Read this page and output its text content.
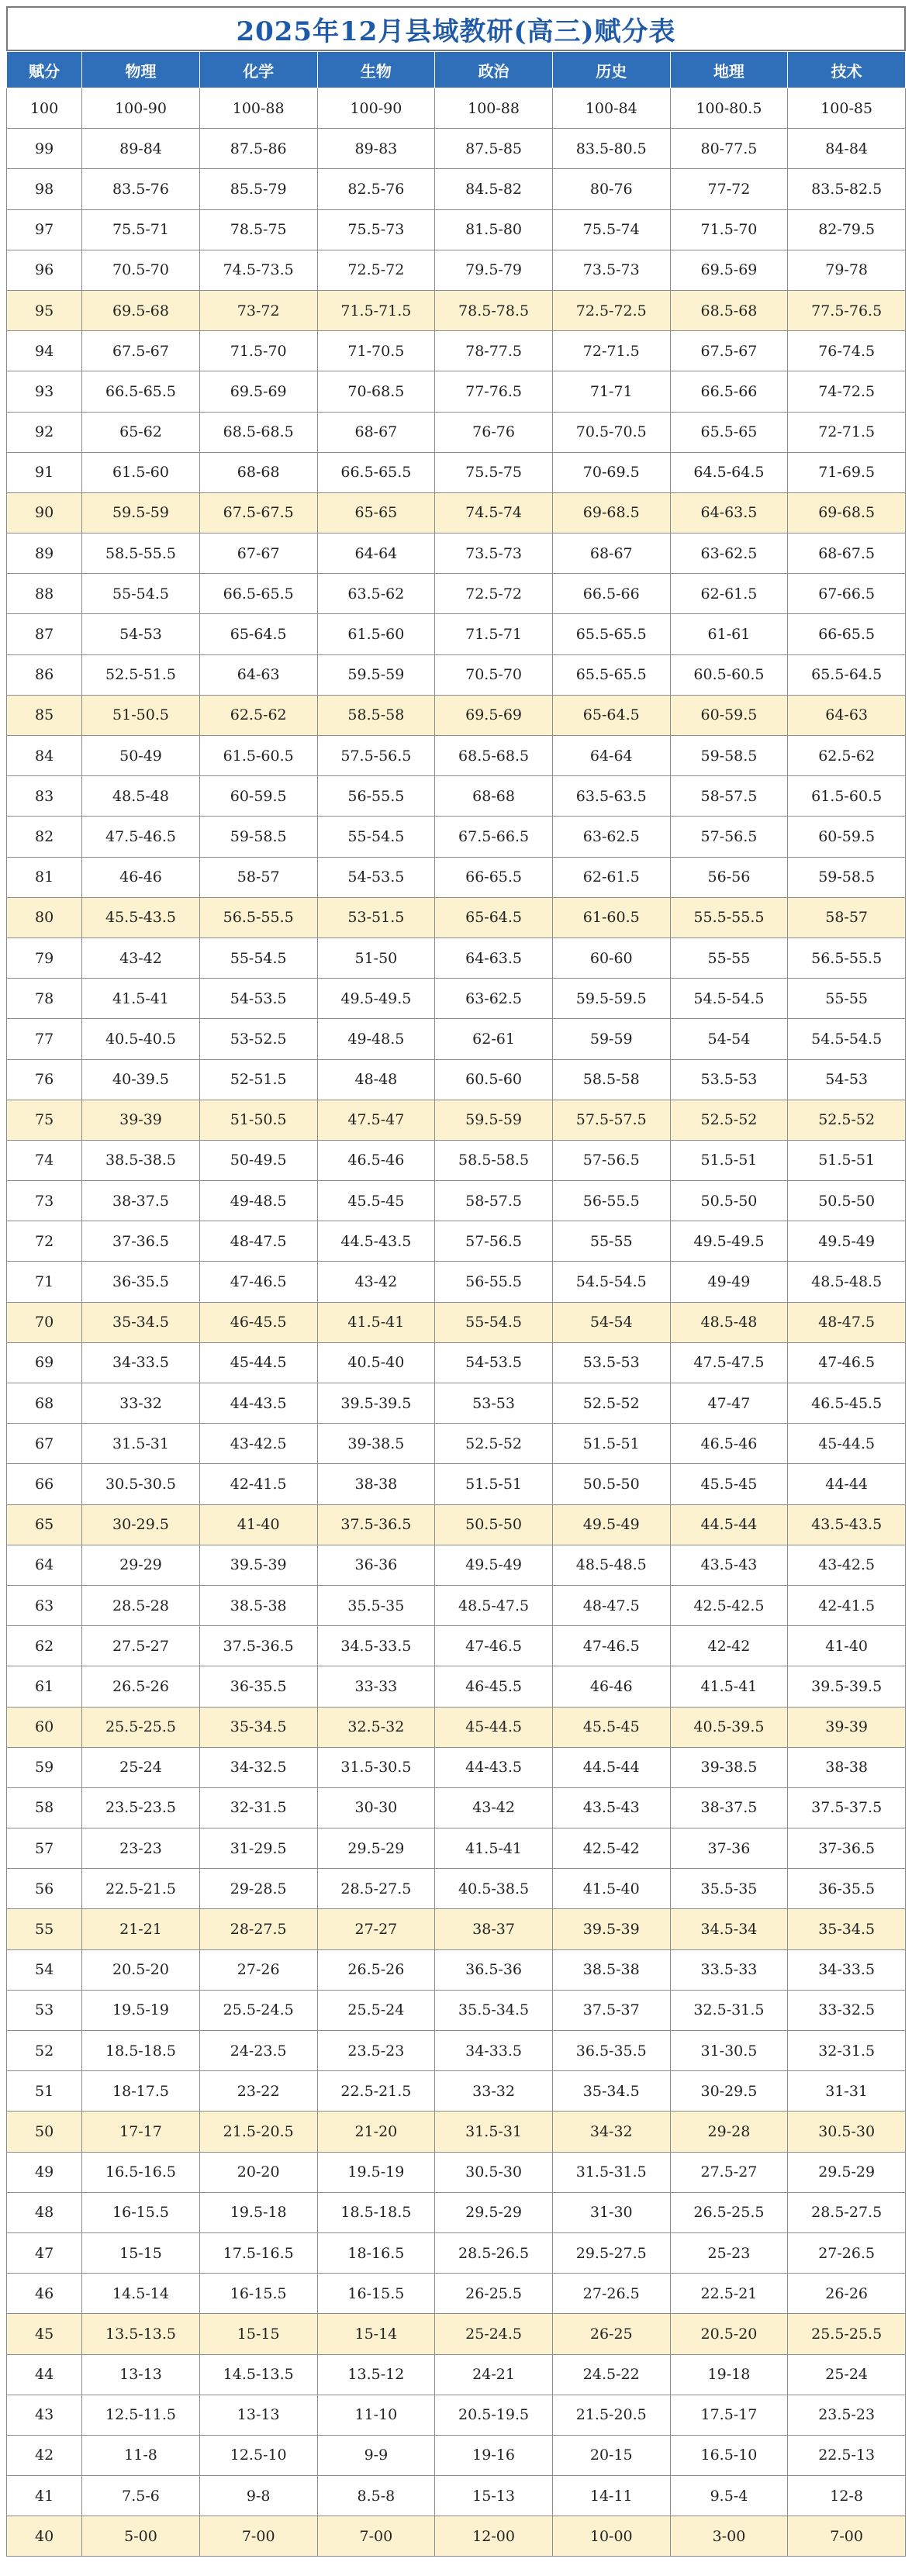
2025年12月县域教研(高三)赋分表
赋分	物理	化学	生物	政治	历史	地理	技术
100	100-90	100-88	100-90	100-88	100-84	100-80.5	100-85
99	89-84	87.5-86	89-83	87.5-85	83.5-80.5	80-77.5	84-84
98	83.5-76	85.5-79	82.5-76	84.5-82	80-76	77-72	83.5-82.5
97	75.5-71	78.5-75	75.5-73	81.5-80	75.5-74	71.5-70	82-79.5
96	70.5-70	74.5-73.5	72.5-72	79.5-79	73.5-73	69.5-69	79-78
95	69.5-68	73-72	71.5-71.5	78.5-78.5	72.5-72.5	68.5-68	77.5-76.5
94	67.5-67	71.5-70	71-70.5	78-77.5	72-71.5	67.5-67	76-74.5
93	66.5-65.5	69.5-69	70-68.5	77-76.5	71-71	66.5-66	74-72.5
92	65-62	68.5-68.5	68-67	76-76	70.5-70.5	65.5-65	72-71.5
91	61.5-60	68-68	66.5-65.5	75.5-75	70-69.5	64.5-64.5	71-69.5
90	59.5-59	67.5-67.5	65-65	74.5-74	69-68.5	64-63.5	69-68.5
89	58.5-55.5	67-67	64-64	73.5-73	68-67	63-62.5	68-67.5
88	55-54.5	66.5-65.5	63.5-62	72.5-72	66.5-66	62-61.5	67-66.5
87	54-53	65-64.5	61.5-60	71.5-71	65.5-65.5	61-61	66-65.5
86	52.5-51.5	64-63	59.5-59	70.5-70	65.5-65.5	60.5-60.5	65.5-64.5
85	51-50.5	62.5-62	58.5-58	69.5-69	65-64.5	60-59.5	64-63
84	50-49	61.5-60.5	57.5-56.5	68.5-68.5	64-64	59-58.5	62.5-62
83	48.5-48	60-59.5	56-55.5	68-68	63.5-63.5	58-57.5	61.5-60.5
82	47.5-46.5	59-58.5	55-54.5	67.5-66.5	63-62.5	57-56.5	60-59.5
81	46-46	58-57	54-53.5	66-65.5	62-61.5	56-56	59-58.5
80	45.5-43.5	56.5-55.5	53-51.5	65-64.5	61-60.5	55.5-55.5	58-57
79	43-42	55-54.5	51-50	64-63.5	60-60	55-55	56.5-55.5
78	41.5-41	54-53.5	49.5-49.5	63-62.5	59.5-59.5	54.5-54.5	55-55
77	40.5-40.5	53-52.5	49-48.5	62-61	59-59	54-54	54.5-54.5
76	40-39.5	52-51.5	48-48	60.5-60	58.5-58	53.5-53	54-53
75	39-39	51-50.5	47.5-47	59.5-59	57.5-57.5	52.5-52	52.5-52
74	38.5-38.5	50-49.5	46.5-46	58.5-58.5	57-56.5	51.5-51	51.5-51
73	38-37.5	49-48.5	45.5-45	58-57.5	56-55.5	50.5-50	50.5-50
72	37-36.5	48-47.5	44.5-43.5	57-56.5	55-55	49.5-49.5	49.5-49
71	36-35.5	47-46.5	43-42	56-55.5	54.5-54.5	49-49	48.5-48.5
70	35-34.5	46-45.5	41.5-41	55-54.5	54-54	48.5-48	48-47.5
69	34-33.5	45-44.5	40.5-40	54-53.5	53.5-53	47.5-47.5	47-46.5
68	33-32	44-43.5	39.5-39.5	53-53	52.5-52	47-47	46.5-45.5
67	31.5-31	43-42.5	39-38.5	52.5-52	51.5-51	46.5-46	45-44.5
66	30.5-30.5	42-41.5	38-38	51.5-51	50.5-50	45.5-45	44-44
65	30-29.5	41-40	37.5-36.5	50.5-50	49.5-49	44.5-44	43.5-43.5
64	29-29	39.5-39	36-36	49.5-49	48.5-48.5	43.5-43	43-42.5
63	28.5-28	38.5-38	35.5-35	48.5-47.5	48-47.5	42.5-42.5	42-41.5
62	27.5-27	37.5-36.5	34.5-33.5	47-46.5	47-46.5	42-42	41-40
61	26.5-26	36-35.5	33-33	46-45.5	46-46	41.5-41	39.5-39.5
60	25.5-25.5	35-34.5	32.5-32	45-44.5	45.5-45	40.5-39.5	39-39
59	25-24	34-32.5	31.5-30.5	44-43.5	44.5-44	39-38.5	38-38
58	23.5-23.5	32-31.5	30-30	43-42	43.5-43	38-37.5	37.5-37.5
57	23-23	31-29.5	29.5-29	41.5-41	42.5-42	37-36	37-36.5
56	22.5-21.5	29-28.5	28.5-27.5	40.5-38.5	41.5-40	35.5-35	36-35.5
55	21-21	28-27.5	27-27	38-37	39.5-39	34.5-34	35-34.5
54	20.5-20	27-26	26.5-26	36.5-36	38.5-38	33.5-33	34-33.5
53	19.5-19	25.5-24.5	25.5-24	35.5-34.5	37.5-37	32.5-31.5	33-32.5
52	18.5-18.5	24-23.5	23.5-23	34-33.5	36.5-35.5	31-30.5	32-31.5
51	18-17.5	23-22	22.5-21.5	33-32	35-34.5	30-29.5	31-31
50	17-17	21.5-20.5	21-20	31.5-31	34-32	29-28	30.5-30
49	16.5-16.5	20-20	19.5-19	30.5-30	31.5-31.5	27.5-27	29.5-29
48	16-15.5	19.5-18	18.5-18.5	29.5-29	31-30	26.5-25.5	28.5-27.5
47	15-15	17.5-16.5	18-16.5	28.5-26.5	29.5-27.5	25-23	27-26.5
46	14.5-14	16-15.5	16-15.5	26-25.5	27-26.5	22.5-21	26-26
45	13.5-13.5	15-15	15-14	25-24.5	26-25	20.5-20	25.5-25.5
44	13-13	14.5-13.5	13.5-12	24-21	24.5-22	19-18	25-24
43	12.5-11.5	13-13	11-10	20.5-19.5	21.5-20.5	17.5-17	23.5-23
42	11-8	12.5-10	9-9	19-16	20-15	16.5-10	22.5-13
41	7.5-6	9-8	8.5-8	15-13	14-11	9.5-4	12-8
40	5-00	7-00	7-00	12-00	10-00	3-00	7-00
